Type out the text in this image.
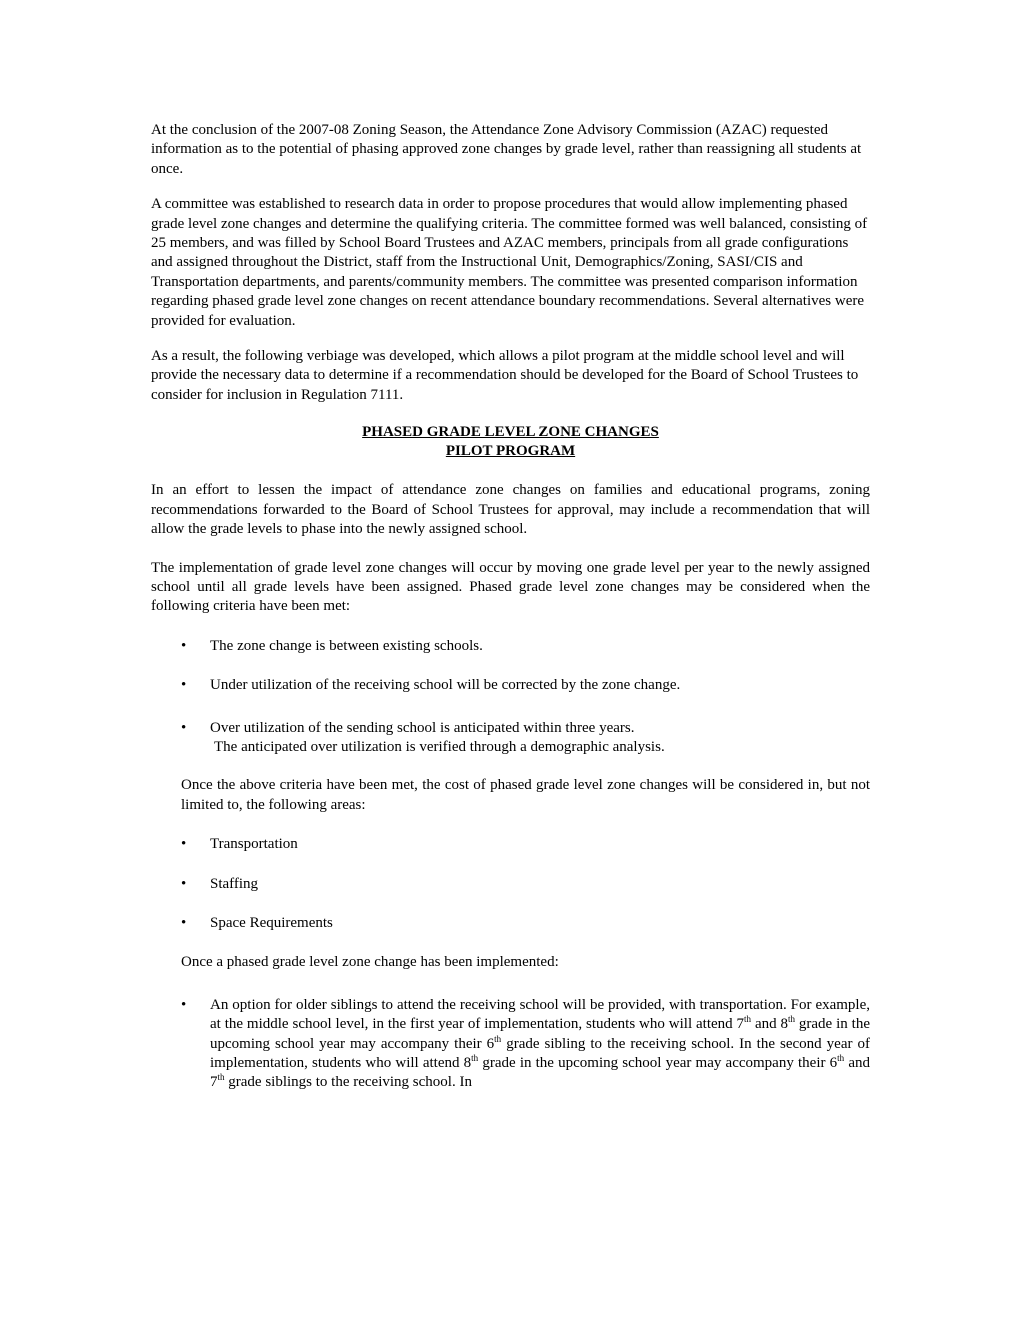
At the conclusion of the 2007-08 Zoning Season, the Attendance Zone Advisory Commission (AZAC) requested information as to the potential of phasing approved zone changes by grade level, rather than reassigning all students at once.

A committee was established to research data in order to propose procedures that would allow implementing phased grade level zone changes and determine the qualifying criteria. The committee formed was well balanced, consisting of 25 members, and was filled by School Board Trustees and AZAC members, principals from all grade configurations and assigned throughout the District, staff from the Instructional Unit, Demographics/Zoning, SASI/CIS and Transportation departments, and parents/community members. The committee was presented comparison information regarding phased grade level zone changes on recent attendance boundary recommendations. Several alternatives were provided for evaluation.

As a result, the following verbiage was developed, which allows a pilot program at the middle school level and will provide the necessary data to determine if a recommendation should be developed for the Board of School Trustees to consider for inclusion in Regulation 7111.

PHASED GRADE LEVEL ZONE CHANGES
PILOT PROGRAM

In an effort to lessen the impact of attendance zone changes on families and educational programs, zoning recommendations forwarded to the Board of School Trustees for approval, may include a recommendation that will allow the grade levels to phase into the newly assigned school.

The implementation of grade level zone changes will occur by moving one grade level per year to the newly assigned school until all grade levels have been assigned. Phased grade level zone changes may be considered when the following criteria have been met:

• The zone change is between existing schools.
• Under utilization of the receiving school will be corrected by the zone change.
• Over utilization of the sending school is anticipated within three years.
The anticipated over utilization is verified through a demographic analysis.

Once the above criteria have been met, the cost of phased grade level zone changes will be considered in, but not limited to, the following areas:

• Transportation
• Staffing
• Space Requirements

Once a phased grade level zone change has been implemented:

• An option for older siblings to attend the receiving school will be provided, with transportation. For example, at the middle school level, in the first year of implementation, students who will attend 7th and 8th grade in the upcoming school year may accompany their 6th grade sibling to the receiving school. In the second year of implementation, students who will attend 8th grade in the upcoming school year may accompany their 6th and 7th grade siblings to the receiving school. In
